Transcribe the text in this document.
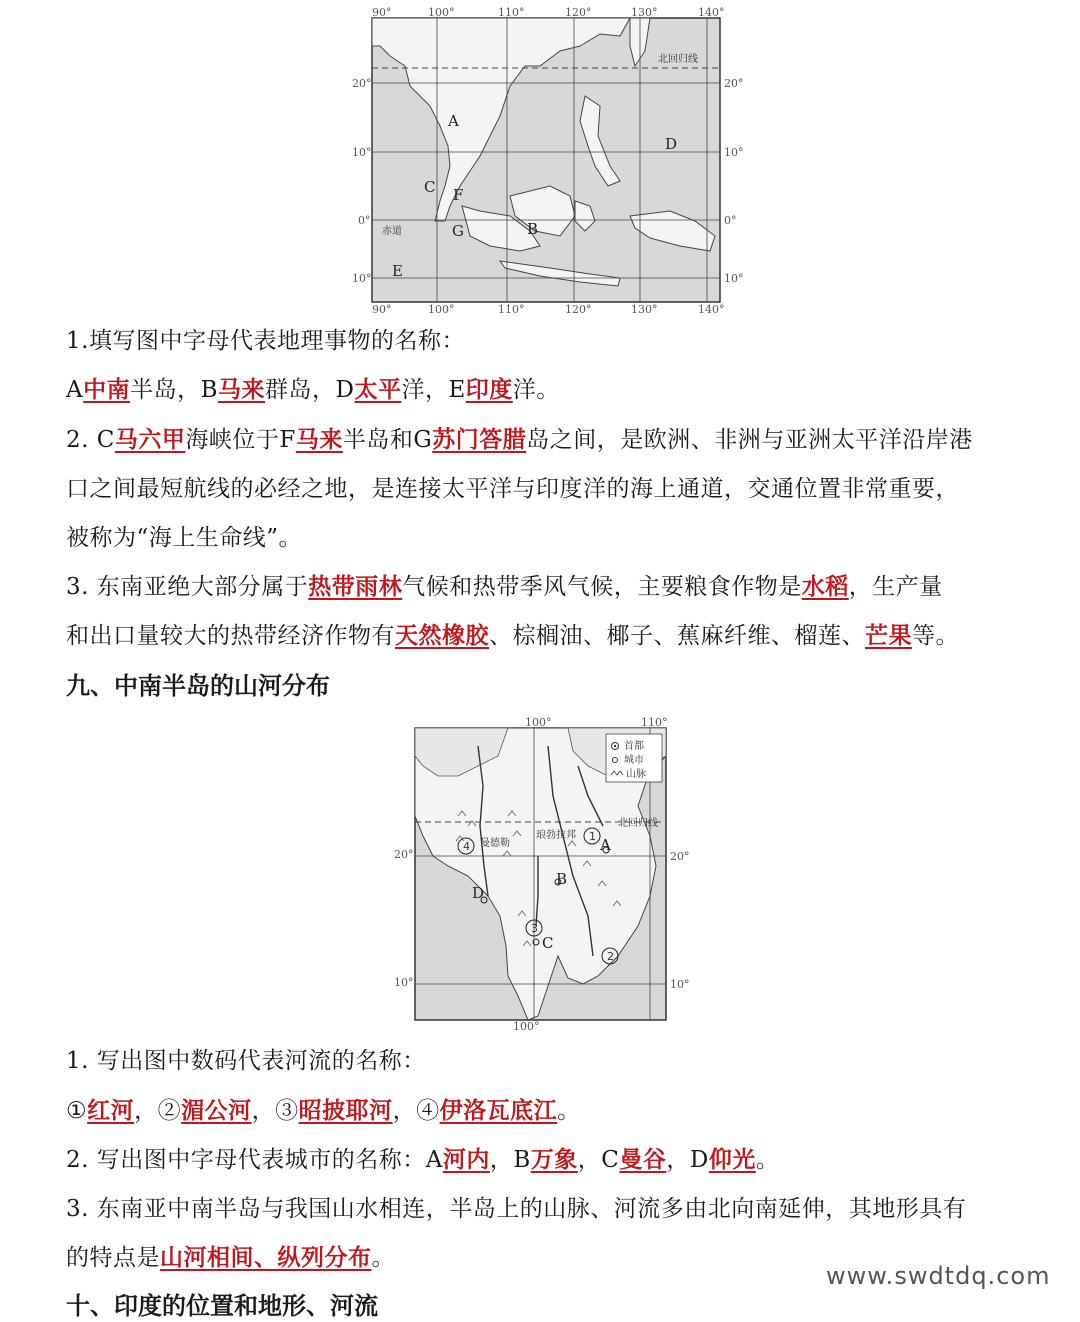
90°	100°	110°	120°	130°	140°
90°	100°	110°	120°	130°	140°
20°
10°
0°
10°
20°
10°
0°
10°
北回归线
赤道
A
B
C
D
E
F
G
1.填写图中字母代表地理事物的名称：
A中南半岛，B马来群岛，D太平洋，E印度洋。
2. C马六甲海峡位于F马来半岛和G苏门答腊岛之间，是欧洲、非洲与亚洲太平洋沿岸港
口之间最短航线的必经之地，是连接太平洋与印度洋的海上通道，交通位置非常重要，
被称为“海上生命线”。
3. 东南亚绝大部分属于热带雨林气候和热带季风气候，主要粮食作物是水稻，生产量
和出口量较大的热带经济作物有天然橡胶、棕榈油、椰子、蕉麻纤维、榴莲、芒果等。
九、中南半岛的山河分布
首都
城市
山脉
100°	110°
100°
20°
10°
20°
10°
北回归线
曼德勒
琅勃拉邦
A
B
C
D
1
2
3
4
1. 写出图中数码代表河流的名称：
①红河，②湄公河，③昭披耶河，④伊洛瓦底江。
2. 写出图中字母代表城市的名称：A河内，B万象，C曼谷，D仰光。
3. 东南亚中南半岛与我国山水相连，半岛上的山脉、河流多由北向南延伸，其地形具有
的特点是山河相间、纵列分布。
www.swdtdq.com
十、印度的位置和地形、河流
